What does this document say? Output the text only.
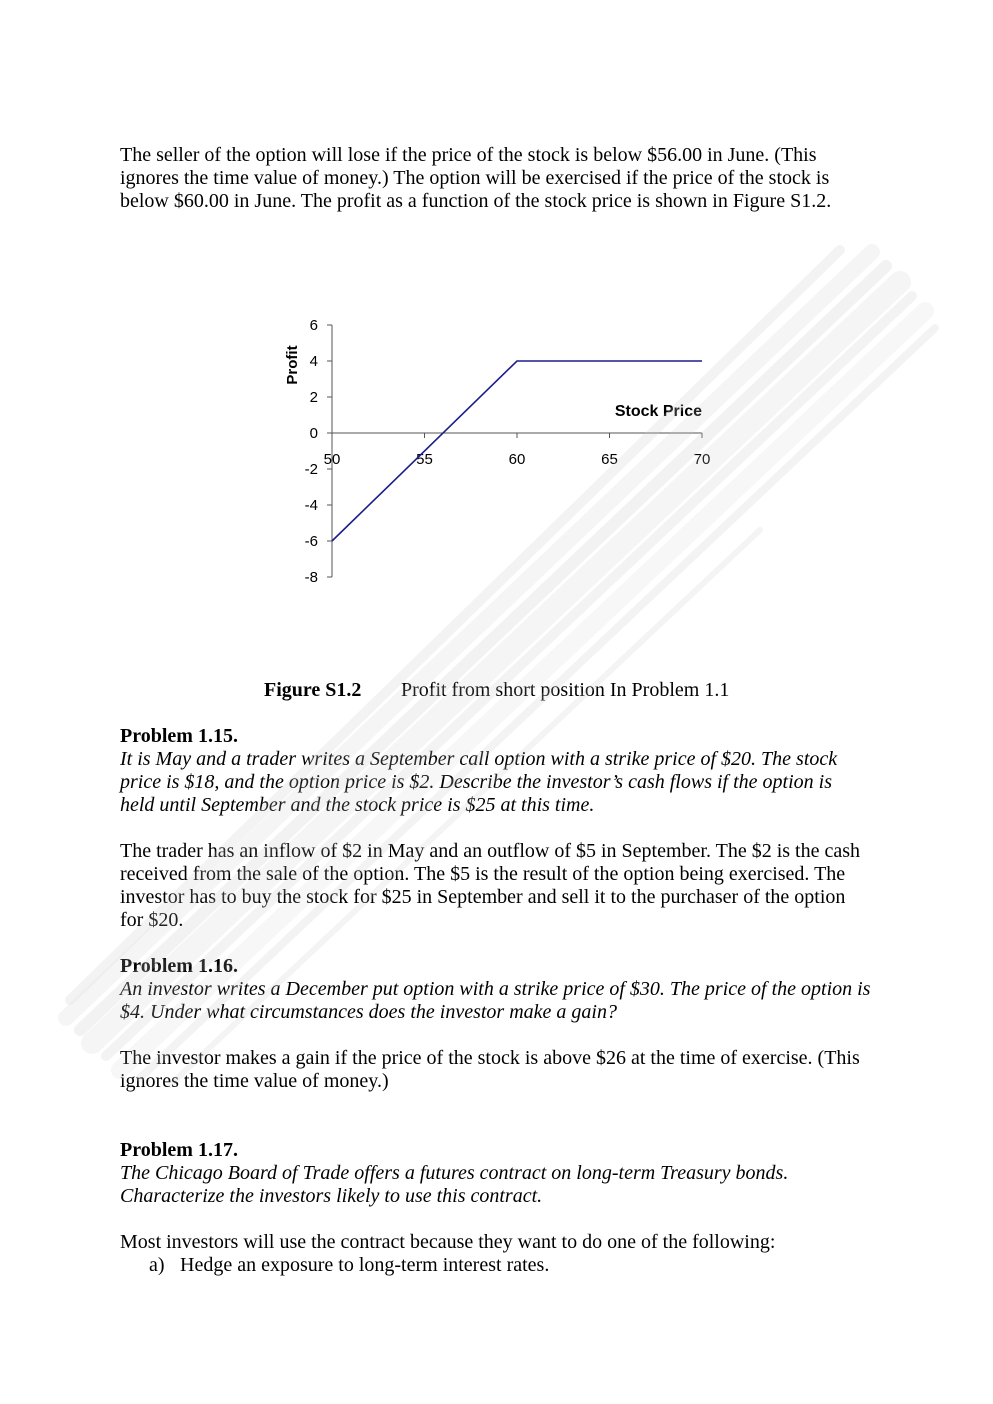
The seller of the option will lose if the price of the stock is below $56.00 in June. (This
ignores the time value of money.) The option will be exercised if the price of the stock is
below $60.00 in June. The profit as a function of the stock price is shown in Figure S1.2.
Profit
Stock Price
6
4
2
0
-2
-4
-6
-8
50	55	60	65	70
Figure S1.2 Profit from short position In Problem 1.1
Problem 1.15.
It is May and a trader writes a September call option with a strike price of $20. The stock
price is $18, and the option price is $2. Describe the investor’s cash flows if the option is
held until September and the stock price is $25 at this time.
The trader has an inflow of $2 in May and an outflow of $5 in September. The $2 is the cash
received from the sale of the option. The $5 is the result of the option being exercised. The
investor has to buy the stock for $25 in September and sell it to the purchaser of the option
for $20.
Problem 1.16.
An investor writes a December put option with a strike price of $30. The price of the option is
$4. Under what circumstances does the investor make a gain?
The investor makes a gain if the price of the stock is above $26 at the time of exercise. (This
ignores the time value of money.)
Problem 1.17.
The Chicago Board of Trade offers a futures contract on long-term Treasury bonds.
Characterize the investors likely to use this contract.
Most investors will use the contract because they want to do one of the following:
a) Hedge an exposure to long-term interest rates.
